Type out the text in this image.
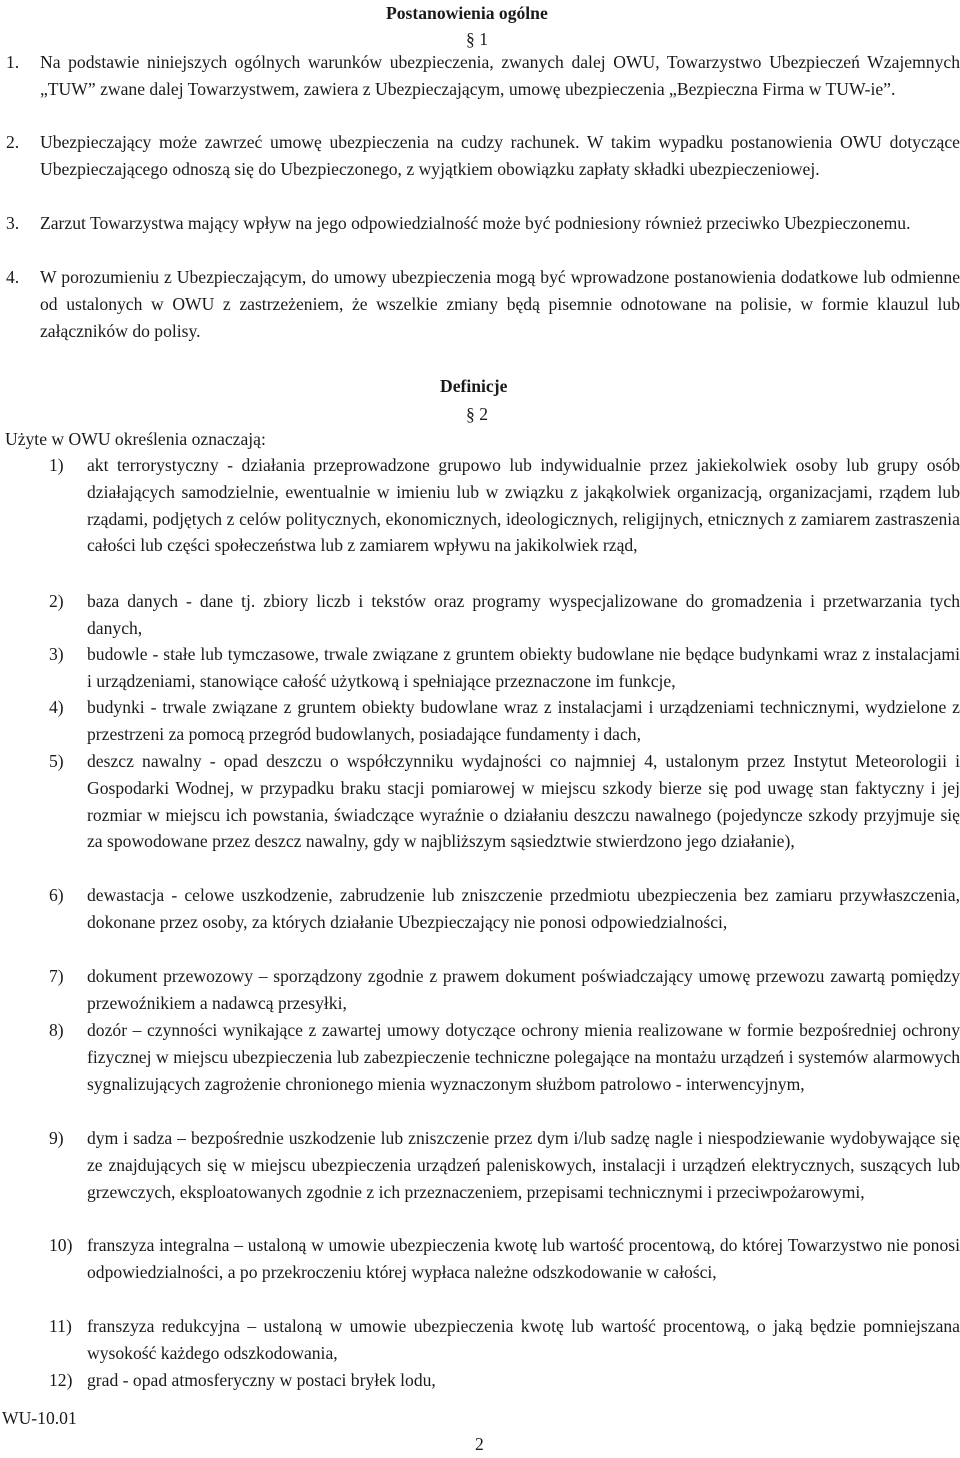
Postanowienia ogólne
§ 1
1.	Na podstawie niniejszych ogólnych warunków ubezpieczenia, zwanych dalej OWU, Towarzystwo Ubezpieczeń Wzajemnych „TUW” zwane dalej Towarzystwem, zawiera z Ubezpieczającym, umowę ubezpieczenia „Bezpieczna Firma w TUW-ie”.
2.	Ubezpieczający może zawrzeć umowę ubezpieczenia na cudzy rachunek. W takim wypadku postanowienia OWU dotyczące Ubezpieczającego odnoszą się do Ubezpieczonego, z wyjątkiem obowiązku zapłaty składki ubezpieczeniowej.
3.	Zarzut Towarzystwa mający wpływ na jego odpowiedzialność może być podniesiony również przeciwko Ubezpieczonemu.
4.	W porozumieniu z Ubezpieczającym, do umowy ubezpieczenia mogą być wprowadzone postanowienia dodatkowe lub odmienne od ustalonych w OWU z zastrzeżeniem, że wszelkie zmiany będą pisemnie odnotowane na polisie, w formie klauzul lub załączników do polisy.
Definicje
§ 2
Użyte w OWU określenia oznaczają:
1)	akt terrorystyczny - działania przeprowadzone grupowo lub indywidualnie przez jakiekolwiek osoby lub grupy osób działających samodzielnie, ewentualnie w imieniu lub w związku z jakąkolwiek organizacją, organizacjami, rządem lub rządami, podjętych z celów politycznych, ekonomicznych, ideologicznych, religijnych, etnicznych z zamiarem zastraszenia całości lub części społeczeństwa lub z zamiarem wpływu na jakikolwiek rząd,
2)	baza danych - dane tj. zbiory liczb i tekstów oraz programy wyspecjalizowane do gromadzenia i przetwarzania tych danych,
3)	budowle - stałe lub tymczasowe, trwale związane z gruntem obiekty budowlane nie będące budynkami wraz z instalacjami i urządzeniami, stanowiące całość użytkową i spełniające przeznaczone im funkcje,
4)	budynki - trwale związane z gruntem obiekty budowlane wraz z instalacjami i urządzeniami technicznymi, wydzielone z przestrzeni za pomocą przegród budowlanych, posiadające fundamenty i dach,
5)	deszcz nawalny - opad deszczu o współczynniku wydajności co najmniej 4, ustalonym przez Instytut Meteorologii i Gospodarki Wodnej, w przypadku braku stacji pomiarowej w miejscu szkody bierze się pod uwagę stan faktyczny i jej rozmiar w miejscu ich powstania, świadczące wyraźnie o działaniu deszczu nawalnego (pojedyncze szkody przyjmuje się za spowodowane przez deszcz nawalny, gdy w najbliższym sąsiedztwie stwierdzono jego działanie),
6)	dewastacja - celowe uszkodzenie, zabrudzenie lub zniszczenie przedmiotu ubezpieczenia bez zamiaru przywłaszczenia, dokonane przez osoby, za których działanie Ubezpieczający nie ponosi odpowiedzialności,
7)	dokument przewozowy – sporządzony zgodnie z prawem dokument poświadczający umowę przewozu zawartą pomiędzy przewoźnikiem a nadawcą przesyłki,
8)	dozór – czynności wynikające z zawartej umowy dotyczące ochrony mienia realizowane w formie bezpośredniej ochrony fizycznej w miejscu ubezpieczenia lub zabezpieczenie techniczne polegające na montażu urządzeń i systemów alarmowych sygnalizujących zagrożenie chronionego mienia wyznaczonym służbom patrolowo - interwencyjnym,
9)	dym i sadza – bezpośrednie uszkodzenie lub zniszczenie przez dym i/lub sadzę nagle i niespodziewanie wydobywające się ze znajdujących się w miejscu ubezpieczenia urządzeń paleniskowych, instalacji i urządzeń elektrycznych, suszących lub grzewczych, eksploatowanych zgodnie z ich przeznaczeniem, przepisami technicznymi i przeciwpożarowymi,
10) franszyza integralna – ustaloną w umowie ubezpieczenia kwotę lub wartość procentową, do której Towarzystwo nie ponosi odpowiedzialności, a po przekroczeniu której wypłaca należne odszkodowanie w całości,
11) franszyza redukcyjna – ustaloną w umowie ubezpieczenia kwotę lub wartość procentową, o jaką będzie pomniejszana wysokość każdego odszkodowania,
12) grad - opad atmosferyczny w postaci bryłek lodu,
WU-10.01
2
